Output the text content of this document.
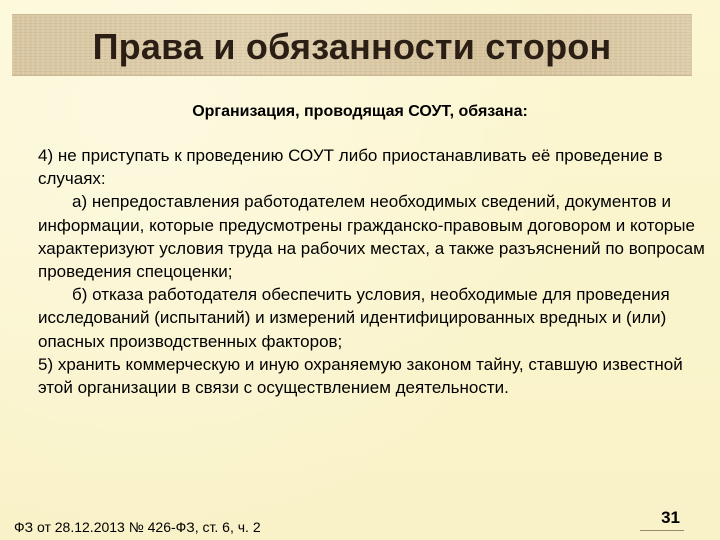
Права и обязанности сторон
Организация, проводящая СОУТ, обязана:

4) не приступать к проведению СОУТ либо приостанавливать её проведение в случаях:

а) непредоставления работодателем необходимых сведений, документов и информации, которые предусмотрены гражданско-правовым договором и которые характеризуют условия труда на рабочих местах, а также разъяснений по вопросам проведения спецоценки;

б) отказа работодателя обеспечить условия, необходимые для проведения исследований (испытаний) и измерений идентифицированных вредных и (или) опасных производственных факторов;

5) хранить коммерческую и иную охраняемую законом тайну, ставшую известной этой организации в связи с осуществлением деятельности.

ФЗ от 28.12.2013 № 426-ФЗ, ст. 6, ч. 2	31
